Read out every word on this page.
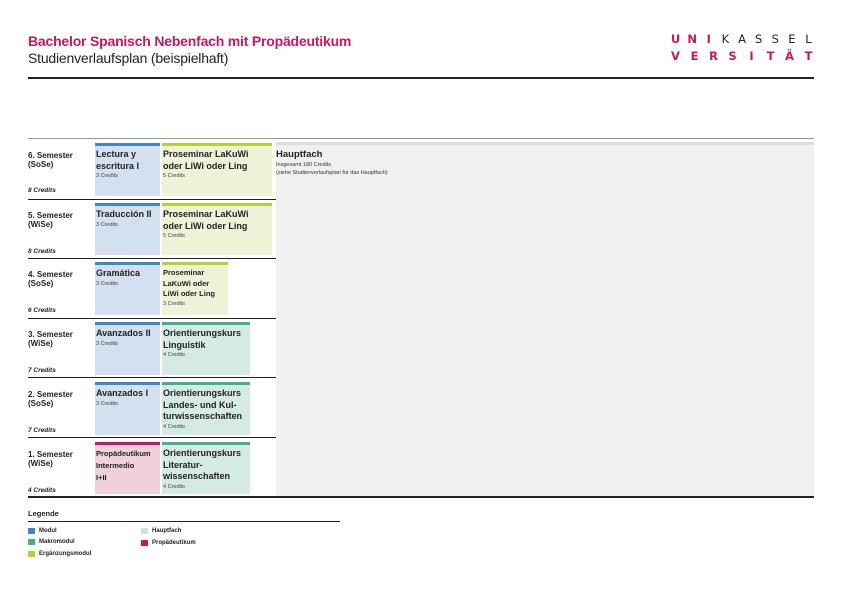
Bachelor Spanisch Nebenfach mit Propädeutikum
Studienverlaufsplan (beispielhaft)
U N I K A S S E L
V E R S	I	T Ä T
Hauptfach
Insgesamt 180 Credits
(siehe Studienverlaufsplan für das Hauptfach)
6. Semester
(SoSe)
8 Credits
Lectura y
escritura I
3 Credits
Proseminar LaKuWi
oder LiWi oder Ling
5 Credits
5. Semester
(WiSe)
8 Credits
Traducción II
3 Credits
Proseminar LaKuWi
oder LiWi oder Ling
5 Credits
4. Semester
(SoSe)
6 Credits
Gramática
3 Credits
Proseminar
LaKuWi oder
LiWi oder Ling
3 Credits
3. Semester
(WiSe)
7 Credits
Avanzados II
3 Credits
Orientierungskurs
Linguistik
4 Credits
2. Semester
(SoSe)
7 Credits
Avanzados I
3 Credits
Orientierungskurs
Landes- und Kul-
turwissenschaften
4 Credits
1. Semester
(WiSe)
4 Credits
Propädeutikum
Intermedio
I+II
Orientierungskurs
Literatur-
wissenschaften
4 Credits
Legende
Modul
Makromodul
Ergänzungsmodul
Hauptfach
Propädeutikum
